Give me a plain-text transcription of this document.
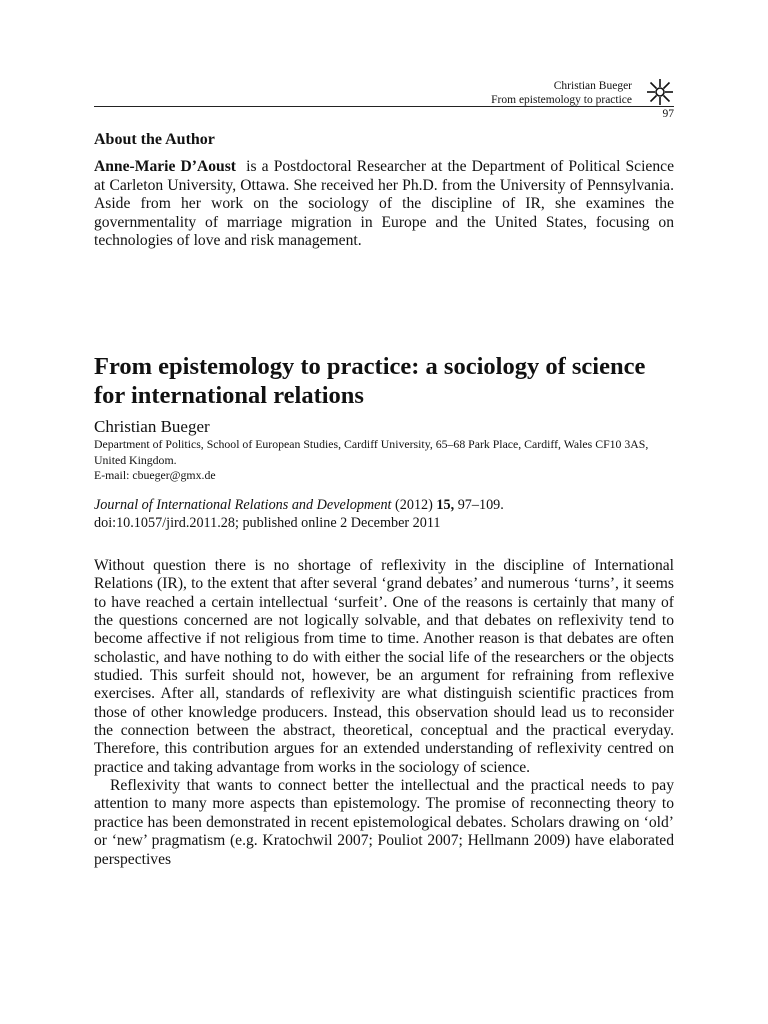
Christian Bueger
From epistemology to practice
97
About the Author
Anne-Marie D’Aoust is a Postdoctoral Researcher at the Department of Political Science at Carleton University, Ottawa. She received her Ph.D. from the University of Pennsylvania. Aside from her work on the sociology of the discipline of IR, she examines the governmentality of marriage migration in Europe and the United States, focusing on technologies of love and risk management.
From epistemology to practice: a sociology of science for international relations
Christian Bueger
Department of Politics, School of European Studies, Cardiff University, 65–68 Park Place, Cardiff, Wales CF10 3AS, United Kingdom.
E-mail: cbueger@gmx.de
Journal of International Relations and Development (2012) 15, 97–109.
doi:10.1057/jird.2011.28; published online 2 December 2011

Without question there is no shortage of reflexivity in the discipline of International Relations (IR), to the extent that after several ‘grand debates’ and numerous ‘turns’, it seems to have reached a certain intellectual ‘surfeit’. One of the reasons is certainly that many of the questions concerned are not logically solvable, and that debates on reflexivity tend to become affective if not religious from time to time. Another reason is that debates are often scholastic, and have nothing to do with either the social life of the researchers or the objects studied. This surfeit should not, however, be an argument for refraining from reflexive exercises. After all, standards of reflexivity are what distinguish scientific practices from those of other knowledge producers. Instead, this observation should lead us to reconsider the connection between the abstract, theoretical, conceptual and the practical everyday. Therefore, this contribution argues for an extended understanding of reflexivity centred on practice and taking advantage from works in the sociology of science.

Reflexivity that wants to connect better the intellectual and the practical needs to pay attention to many more aspects than epistemology. The promise of reconnecting theory to practice has been demonstrated in recent epistemological debates. Scholars drawing on ‘old’ or ‘new’ pragmatism (e.g. Kratochwil 2007; Pouliot 2007; Hellmann 2009) have elaborated perspectives
